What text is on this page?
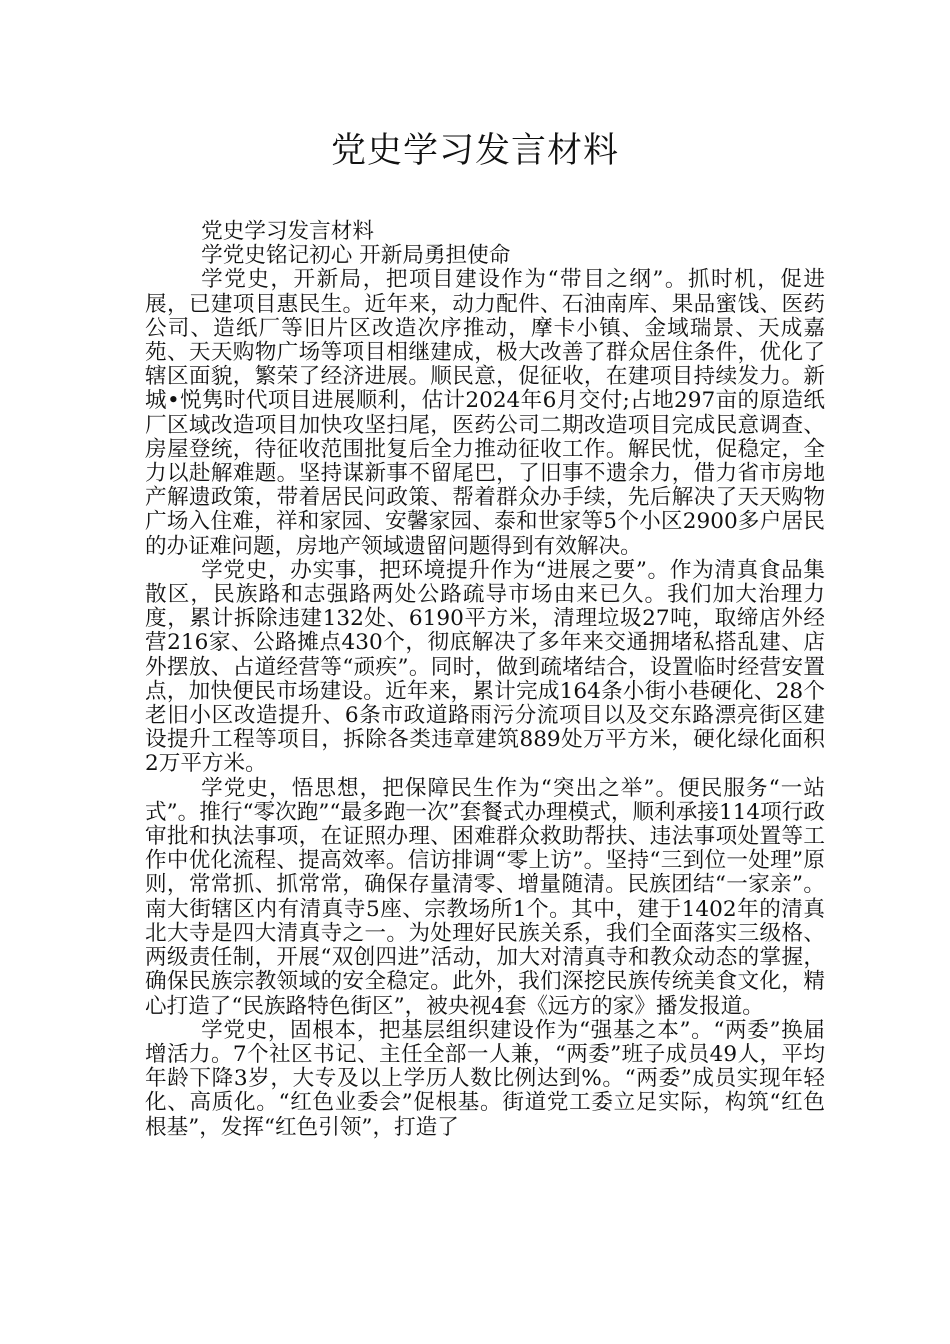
党史学习发言材料

党史学习发言材料

学党史铭记初心 开新局勇担使命

学党史，开新局，把项目建设作为“带目之纲”。抓时机，促进展，已建项目惠民生。近年来，动力配件、石油南库、果品蜜饯、医药公司、造纸厂等旧片区改造次序推动，摩卡小镇、金域瑞景、天成嘉苑、天天购物广场等项目相继建成，极大改善了群众居住条件，优化了辖区面貌，繁荣了经济进展。顺民意，促征收，在建项目持续发力。新城•悦隽时代项目进展顺利，估计2024年6月交付;占地297亩的原造纸厂区域改造项目加快攻坚扫尾，医药公司二期改造项目完成民意调查、房屋登统，待征收范围批复后全力推动征收工作。解民忧，促稳定，全力以赴解难题。坚持谋新事不留尾巴，了旧事不遗余力，借力省市房地产解遗政策，带着居民问政策、帮着群众办手续，先后解决了天天购物广场入住难，祥和家园、安馨家园、泰和世家等5个小区2900多户居民的办证难问题，房地产领域遗留问题得到有效解决。

学党史，办实事，把环境提升作为“进展之要”。作为清真食品集散区，民族路和志强路两处公路疏导市场由来已久。我们加大治理力度，累计拆除违建132处、6190平方米，清理垃圾27吨，取缔店外经营216家、公路摊点430个，彻底解决了多年来交通拥堵私搭乱建、店外摆放、占道经营等“顽疾”。同时，做到疏堵结合，设置临时经营安置点，加快便民市场建设。近年来，累计完成164条小街小巷硬化、28个老旧小区改造提升、6条市政道路雨污分流项目以及交东路漂亮街区建设提升工程等项目，拆除各类违章建筑889处万平方米，硬化绿化面积2万平方米。

学党史，悟思想，把保障民生作为“突出之举”。便民服务“一站式”。推行“零次跑”“最多跑一次”套餐式办理模式，顺利承接114项行政审批和执法事项，在证照办理、困难群众救助帮扶、违法事项处置等工作中优化流程、提高效率。信访排调“零上访”。坚持“三到位一处理”原则，常常抓、抓常常，确保存量清零、增量随清。民族团结“一家亲”。南大街辖区内有清真寺5座、宗教场所1个。其中，建于1402年的清真北大寺是四大清真寺之一。为处理好民族关系，我们全面落实三级格、两级责任制，开展“双创四进”活动，加大对清真寺和教众动态的掌握，确保民族宗教领域的安全稳定。此外，我们深挖民族传统美食文化，精心打造了“民族路特色街区”，被央视4套《远方的家》播发报道。

学党史，固根本，把基层组织建设作为“强基之本”。“两委”换届增活力。7个社区书记、主任全部一人兼，“两委”班子成员49人，平均年龄下降3岁，大专及以上学历人数比例达到%。“两委”成员实现年轻化、高质化。“红色业委会”促根基。街道党工委立足实际，构筑“红色根基”，发挥“红色引领”，打造了
